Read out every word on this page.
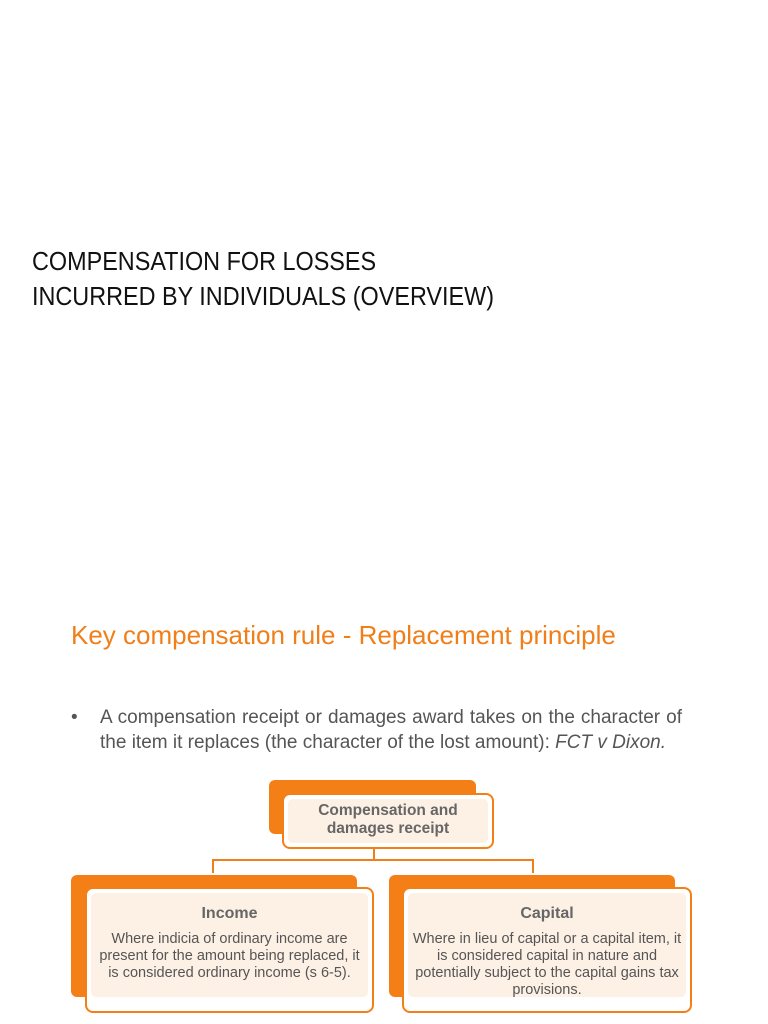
COMPENSATION FOR LOSSES
INCURRED BY INDIVIDUALS (OVERVIEW)
Key compensation rule - Replacement principle
• A compensation receipt or damages award takes on the character of the item it replaces (the character of the lost amount): FCT v Dixon.
Compensation and damages receipt
Income
Where indicia of ordinary income are present for the amount being replaced, it is considered ordinary income (s 6-5).
Capital
Where in lieu of capital or a capital item, it is considered capital in nature and potentially subject to the capital gains tax provisions.
